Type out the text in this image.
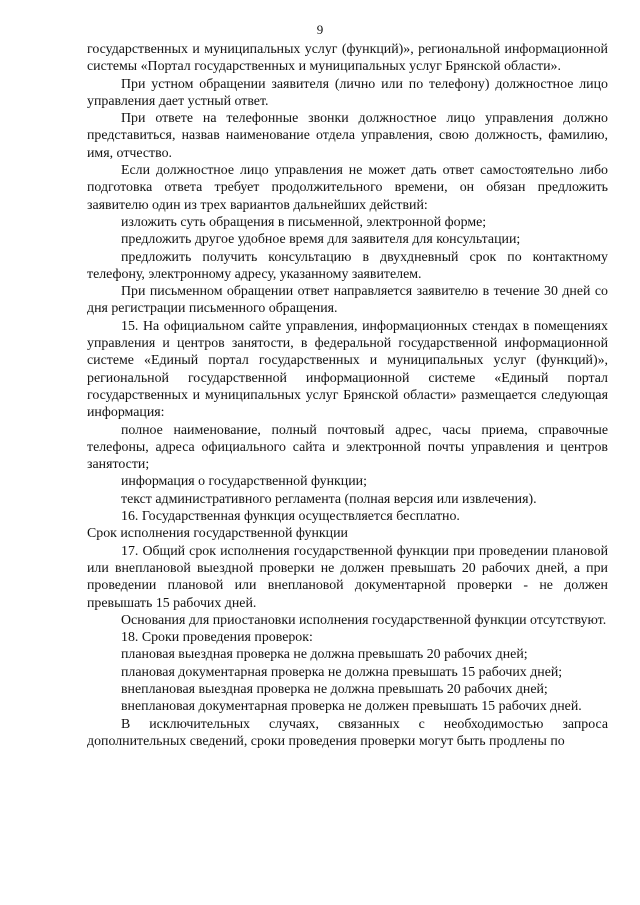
9

государственных и муниципальных услуг (функций)», региональной информационной системы «Портал государственных и муниципальных услуг Брянской области».

При устном обращении заявителя (лично или по телефону) должностное лицо управления дает устный ответ.

При ответе на телефонные звонки должностное лицо управления должно представиться, назвав наименование отдела управления, свою должность, фамилию, имя, отчество.

Если должностное лицо управления не может дать ответ самостоятельно либо подготовка ответа требует продолжительного времени, он обязан предложить заявителю один из трех вариантов дальнейших действий:

изложить суть обращения в письменной, электронной форме;

предложить другое удобное время для заявителя для консультации;

предложить получить консультацию в двухдневный срок по контактному телефону, электронному адресу, указанному заявителем.

При письменном обращении ответ направляется заявителю в течение 30 дней со дня регистрации письменного обращения.

15. На официальном сайте управления, информационных стендах в помещениях управления и центров занятости, в федеральной государственной информационной системе «Единый портал государственных и муниципальных услуг (функций)», региональной государственной информационной системе «Единый портал государственных и муниципальных услуг Брянской области» размещается следующая информация:

полное наименование, полный почтовый адрес, часы приема, справочные телефоны, адреса официального сайта и электронной почты управления и центров занятости;

информация о государственной функции;

текст административного регламента (полная версия или извлечения).

16. Государственная функция осуществляется бесплатно.

Срок исполнения государственной функции

17. Общий срок исполнения государственной функции при проведении плановой или внеплановой выездной проверки не должен превышать 20 рабочих дней, а при проведении плановой или внеплановой документарной проверки - не должен превышать 15 рабочих дней.

Основания для приостановки исполнения государственной функции отсутствуют.

18. Сроки проведения проверок:

плановая выездная проверка не должна превышать 20 рабочих дней;

плановая документарная проверка не должна превышать 15 рабочих дней;

внеплановая выездная проверка не должна превышать 20 рабочих дней;

внеплановая документарная проверка не должен превышать 15 рабочих дней.

В исключительных случаях, связанных с необходимостью запроса дополнительных сведений, сроки проведения проверки могут быть продлены по
